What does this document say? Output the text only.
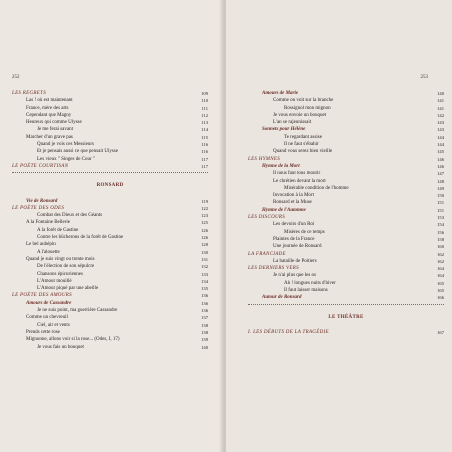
252
LES REGRETS	109
Las ! où est maintenant	110
France, mère des arts	111
Cependant que Magny	112
Heureux qui comme Ulysse	113
Je me ferai savant	114
Marcher d'un grave pas	115
Quand je vois ces Messieurs	116
Et je pensais aussi ce que pensait Ulysse	116
Les vieux " Singes de Cour "	117
LE POÈTE COURTISAN	117
RONSARD
Vie de Ronsard	119
LE POÈTE DES ODES	122
Combat des Dieux et des Géants	123
A la Fontaine Bellerie	125
A la forêt de Gastine	126
Contre les bûcherons de la forêt de Gastine	126
Le bel aubépin	128
A l'alouette	130
Quand je suis vingt ou trente mois	131
De l'élection de son sépulcre	132
Chansons épicuriennes	133
L'Amour mouillé	134
L'Amour piqué par une abeille	135
LE POÈTE DES AMOURS	136
Amours de Cassandre	136
Je ne suis point, ma guerrière Cassandre	136
Comme un chevreuil	137
Ciel, air et vents	138
Prends cette rose	138
Mignonne, allons voir si la rose... (Odes, I, 17)	139
Je vous fais un bouquet	140
253
Amours de Marie	140
Comme on voit sur la branche	141
Rossignol mon mignon	141
Je vous envoie un bouquet	142
L'an se rajeunissait	143
Sonnets pour Hélène	143
Te regardant assise	144
Il ne faut s'ébahir	144
Quand vous serez bien vieille	145
LES HYMNES	146
Hymne de la Mort	146
Il nous faut tous mourir	147
Le chrétien devant la mort	148
Misérable condition de l'homme	149
Invocation à la Mort	150
Ronsard et la Muse	151
Hymne de l'Automne	151
LES DISCOURS	153
Les devoirs d'un Roi	154
Misères de ce temps	156
Plaintes de la France	158
Une journée de Ronsard	160
LA FRANCIADE	162
La bataille de Poitiers	162
LES DERNIERS VERS	164
Je n'ai plus que les os	164
Ah ! longues nuits d'hiver	165
Il faut laisser maisons	165
Autour de Ronsard	166
LE THÉÂTRE
I. LES DÉBUTS DE LA TRAGÉDIE	167
